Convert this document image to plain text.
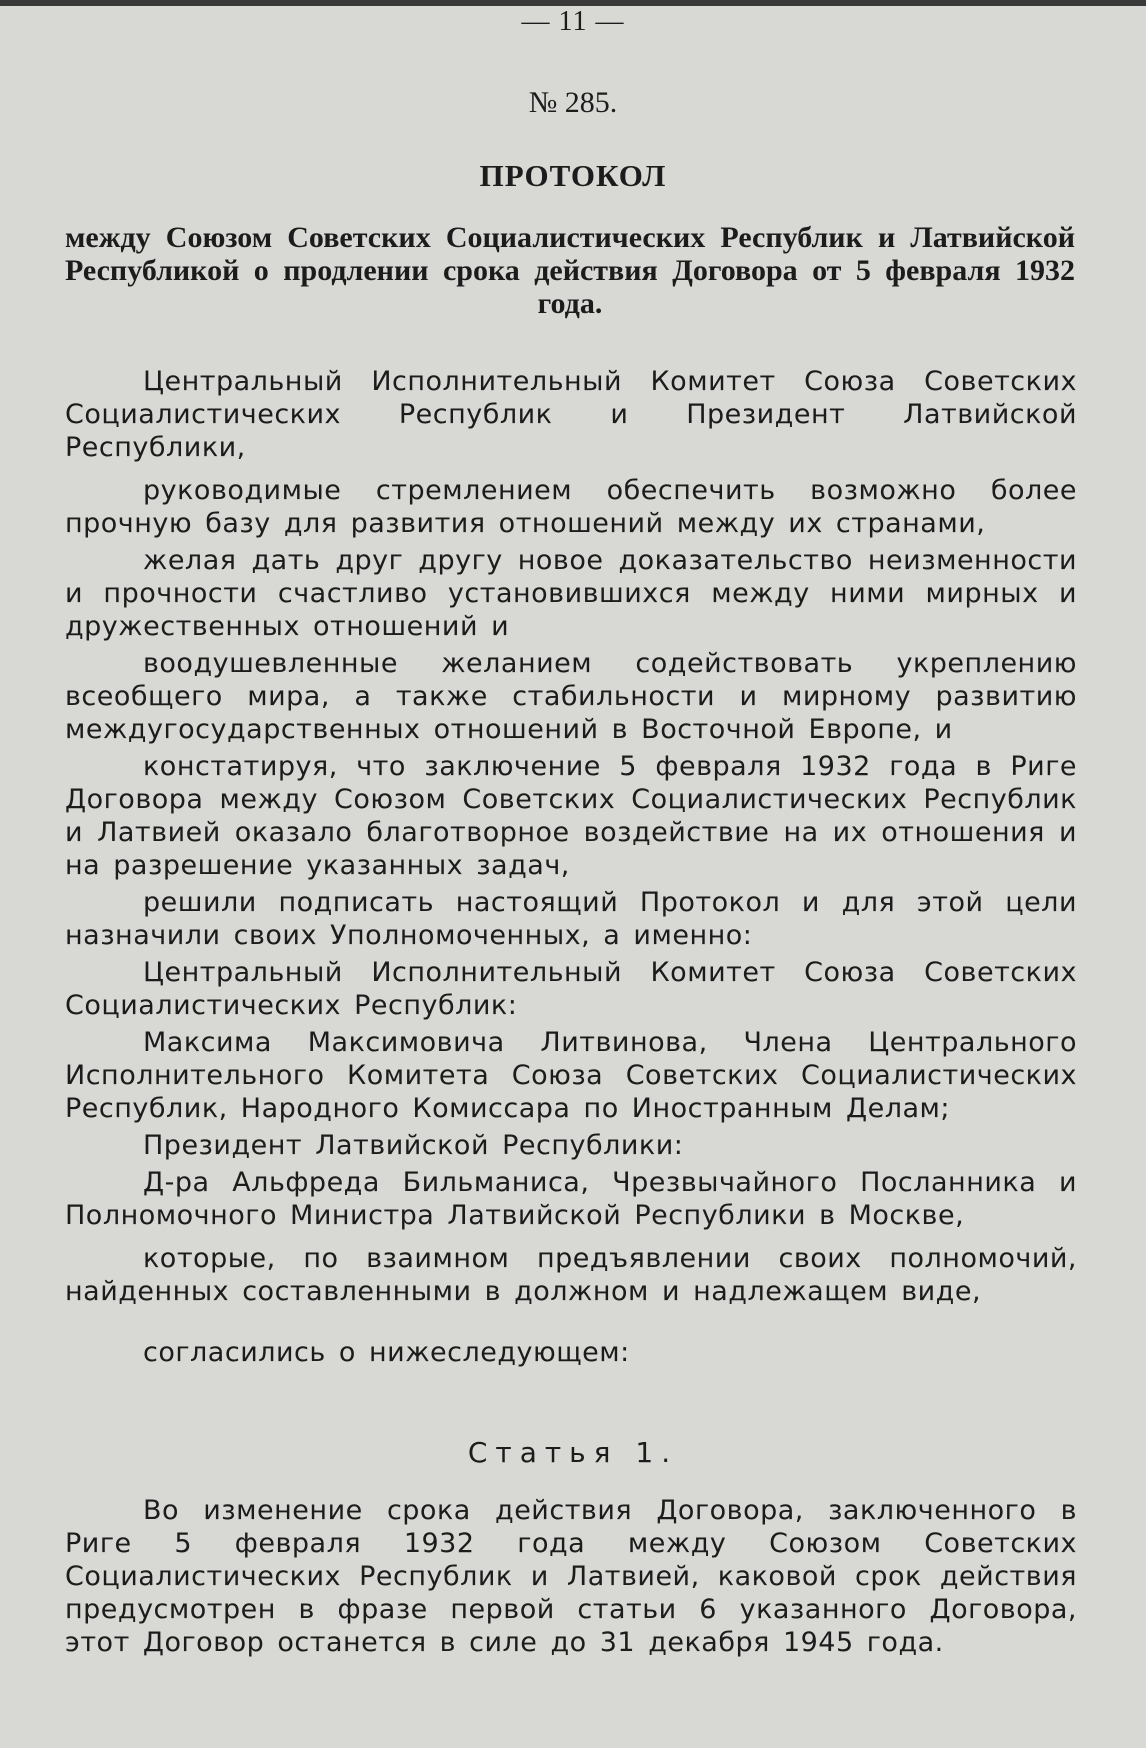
— 11 —
№ 285.
ПРОТОКОЛ
между Союзом Советских Социалистических Республик и Латвийской Республикой о продлении срока действия Договора от 5 февраля 1932 года.

Центральный Исполнительный Комитет Союза Советских Социалистических Республик и Президент Латвийской Республики,

руководимые стремлением обеспечить возможно более прочную базу для развития отношений между их странами,

желая дать друг другу новое доказательство неизменности и прочности счастливо установившихся между ними мирных и дружественных отношений и

воодушевленные желанием содействовать укреплению всеобщего мира, а также стабильности и мирному развитию междугосударственных отношений в Восточной Европе, и

констатируя, что заключение 5 февраля 1932 года в Риге Договора между Союзом Советских Социалистических Республик и Латвией оказало благотворное воздействие на их отношения и на разрешение указанных задач,

решили подписать настоящий Протокол и для этой цели назначили своих Уполномоченных, а именно:

Центральный Исполнительный Комитет Союза Советских Социалистических Республик:

Максима Максимовича Литвинова, Члена Центрального Исполнительного Комитета Союза Советских Социалистических Республик, Народного Комиссара по Иностранным Делам;

Президент Латвийской Республики:

Д-ра Альфреда Бильманиса, Чрезвычайного Посланника и Полномочного Министра Латвийской Республики в Москве,

которые, по взаимном предъявлении своих полномочий, найденных составленными в должном и надлежащем виде,

согласились о нижеследующем:

Статья 1.

Во изменение срока действия Договора, заключенного в Риге 5 февраля 1932 года между Союзом Советских Социалистических Республик и Латвией, каковой срок действия предусмотрен в фразе первой статьи 6 указанного Договора, этот Договор останется в силе до 31 декабря 1945 года.
